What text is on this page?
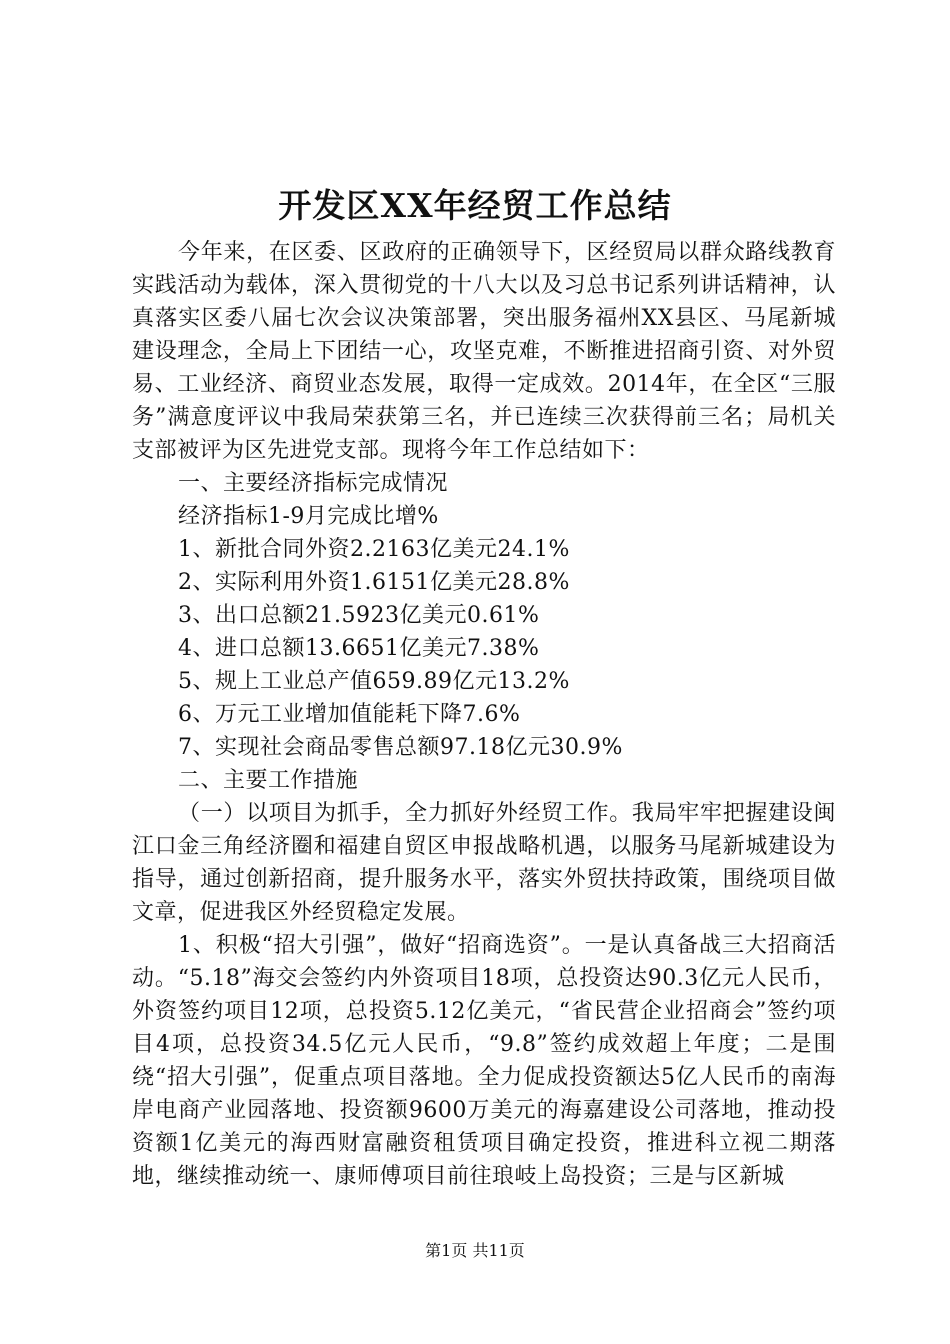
开发区XX年经贸工作总结

今年来，在区委、区政府的正确领导下，区经贸局以群众路线教育实践活动为载体，深入贯彻党的十八大以及习总书记系列讲话精神，认真落实区委八届七次会议决策部署，突出服务福州XX县区、马尾新城建设理念，全局上下团结一心，攻坚克难，不断推进招商引资、对外贸易、工业经济、商贸业态发展，取得一定成效。2014年，在全区“三服务”满意度评议中我局荣获第三名，并已连续三次获得前三名；局机关支部被评为区先进党支部。现将今年工作总结如下：

一、主要经济指标完成情况

经济指标1-9月完成比增%

1、新批合同外资2.2163亿美元24.1%

2、实际利用外资1.6151亿美元28.8%

3、出口总额21.5923亿美元0.61%

4、进口总额13.6651亿美元7.38%

5、规上工业总产值659.89亿元13.2%

6、万元工业增加值能耗下降7.6%

7、实现社会商品零售总额97.18亿元30.9%

二、主要工作措施

（一）以项目为抓手，全力抓好外经贸工作。我局牢牢把握建设闽江口金三角经济圈和福建自贸区申报战略机遇，以服务马尾新城建设为指导，通过创新招商，提升服务水平，落实外贸扶持政策，围绕项目做文章，促进我区外经贸稳定发展。

1、积极“招大引强”，做好“招商选资”。一是认真备战三大招商活动。“5.18”海交会签约内外资项目18项，总投资达90.3亿元人民币，外资签约项目12项，总投资5.12亿美元，“省民营企业招商会”签约项目4项，总投资34.5亿元人民币，“9.8”签约成效超上年度；二是围绕“招大引强”，促重点项目落地。全力促成投资额达5亿人民币的南海岸电商产业园落地、投资额9600万美元的海嘉建设公司落地，推动投资额1亿美元的海西财富融资租赁项目确定投资，推进科立视二期落地，继续推动统一、康师傅项目前往琅岐上岛投资；三是与区新城

第1页 共11页
